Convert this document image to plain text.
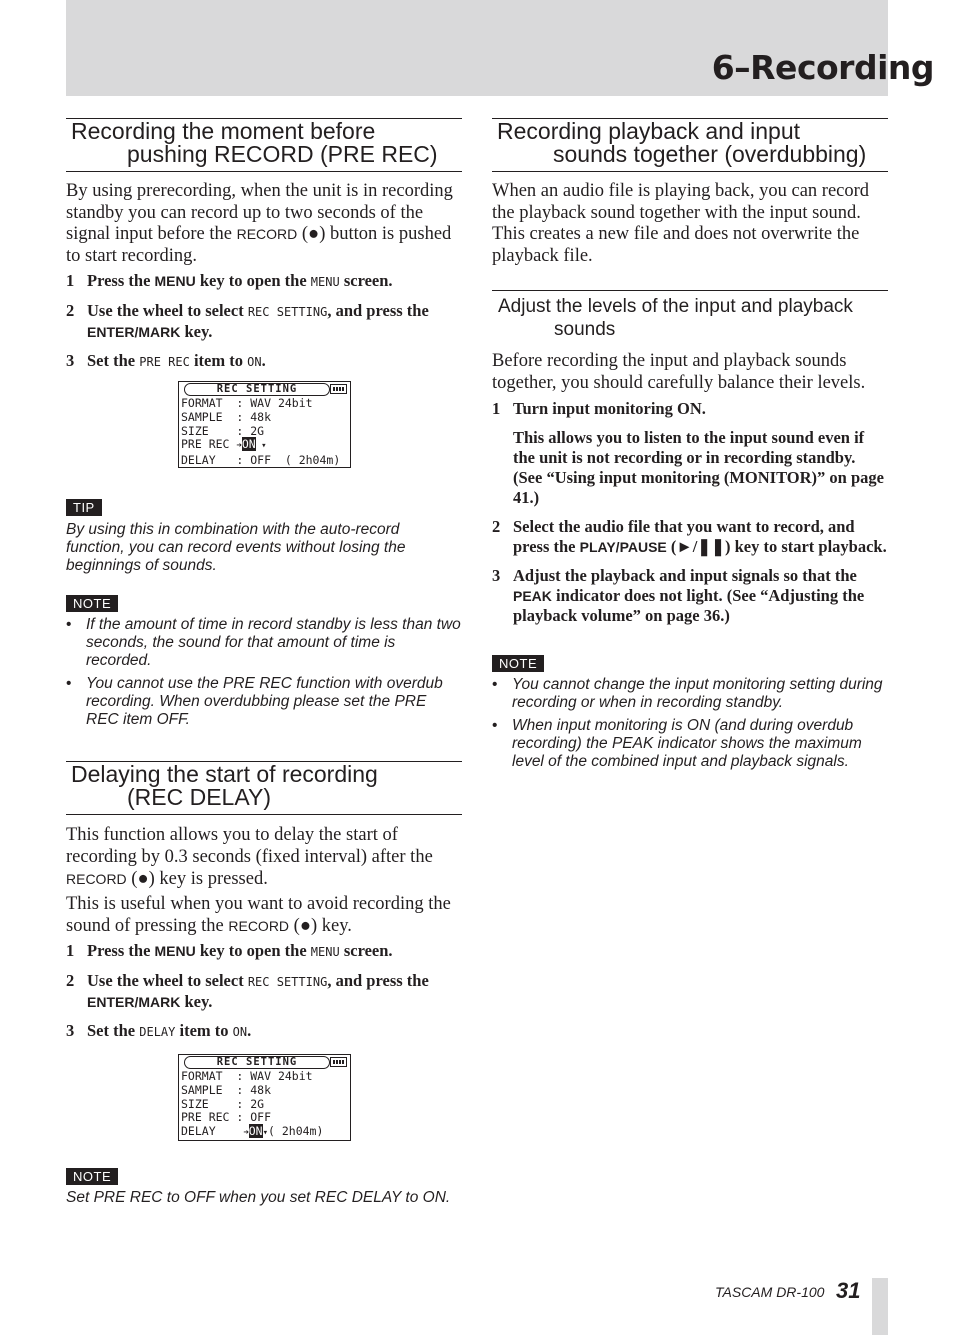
6–Recording
Recording the moment before
pushing RECORD (PRE REC)

By using prerecording, when the unit is in recording standby you can record up to two seconds of the signal input before the RECORD (●) button is pushed to start recording.

1 Press the MENU key to open the MENU screen.
2 Use the wheel to select REC SETTING, and press the ENTER/MARK key.
3 Set the PRE REC item to ON.
REC SETTING
FORMAT  : WAV 24bit
SAMPLE  : 48k
SIZE    : 2G
PRE REC ➜ON ▾
DELAY   : OFF  ( 2h04m)
TIP

By using this in combination with the auto-record function, you can record events without losing the beginnings of sounds.

NOTE
• If the amount of time in record standby is less than two seconds, the sound for that amount of time is recorded.
• You cannot use the PRE REC function with overdub recording. When overdubbing please set the PRE REC item OFF.
Delaying the start of recording
(REC DELAY)

This function allows you to delay the start of recording by 0.3 seconds (fixed interval) after the RECORD (●) key is pressed.

This is useful when you want to avoid recording the sound of pressing the RECORD (●) key.

1 Press the MENU key to open the MENU screen.
2 Use the wheel to select REC SETTING, and press the ENTER/MARK key.
3 Set the DELAY item to ON.
REC SETTING
FORMAT  : WAV 24bit
SAMPLE  : 48k
SIZE    : 2G
PRE REC : OFF
DELAY    ➜ON▾( 2h04m)
NOTE

Set PRE REC to OFF when you set REC DELAY to ON.

Recording playback and input
sounds together (overdubbing)

When an audio file is playing back, you can record the playback sound together with the input sound. This creates a new file and does not overwrite the playback file.

Adjust the levels of the input and playback
sounds

Before recording the input and playback sounds together, you should carefully balance their levels.

1 Turn input monitoring ON.
This allows you to listen to the input sound even if the unit is not recording or in recording standby. (See “Using input monitoring (MONITOR)” on page 41.)
2 Select the audio file that you want to record, and press the PLAY/PAUSE (►/❚❚) key to start playback.
3 Adjust the playback and input signals so that the PEAK indicator does not light. (See “Adjusting the playback volume” on page 36.)
NOTE
• You cannot change the input monitoring setting during recording or when in recording standby.
• When input monitoring is ON (and during overdub recording) the PEAK indicator shows the maximum level of the combined input and playback signals.
TASCAM DR-100 31
